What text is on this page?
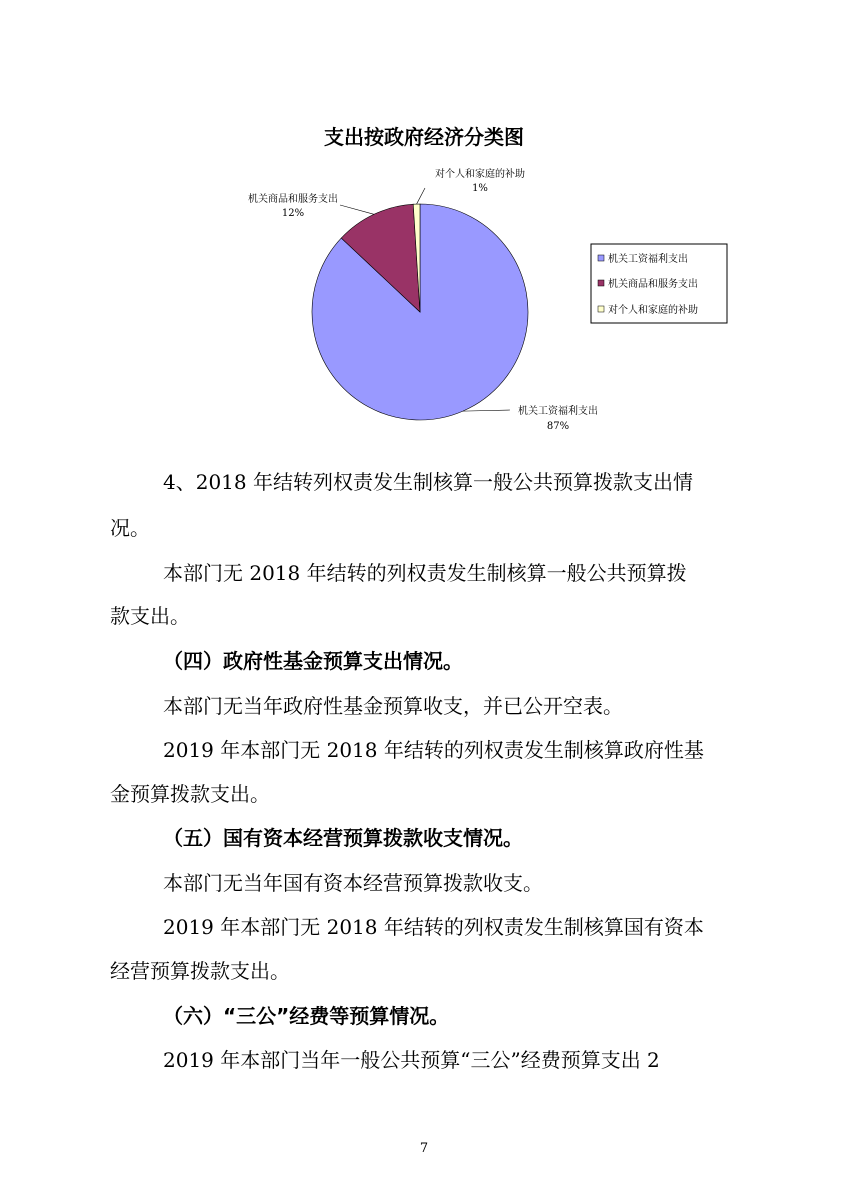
支出按政府经济分类图
机关商品和服务支出
12%
对个人和家庭的补助
1%
机关工资福利支出
87%
机关工资福利支出
机关商品和服务支出
对个人和家庭的补助

4、2018 年结转列权责发生制核算一般公共预算拨款支出情

况。

本部门无 2018 年结转的列权责发生制核算一般公共预算拨

款支出。

（四）政府性基金预算支出情况。

本部门无当年政府性基金预算收支，并已公开空表。

2019 年本部门无 2018 年结转的列权责发生制核算政府性基

金预算拨款支出。

（五）国有资本经营预算拨款收支情况。

本部门无当年国有资本经营预算拨款收支。

2019 年本部门无 2018 年结转的列权责发生制核算国有资本

经营预算拨款支出。

（六）“三公”经费等预算情况。

2019 年本部门当年一般公共预算“三公”经费预算支出 2

7
